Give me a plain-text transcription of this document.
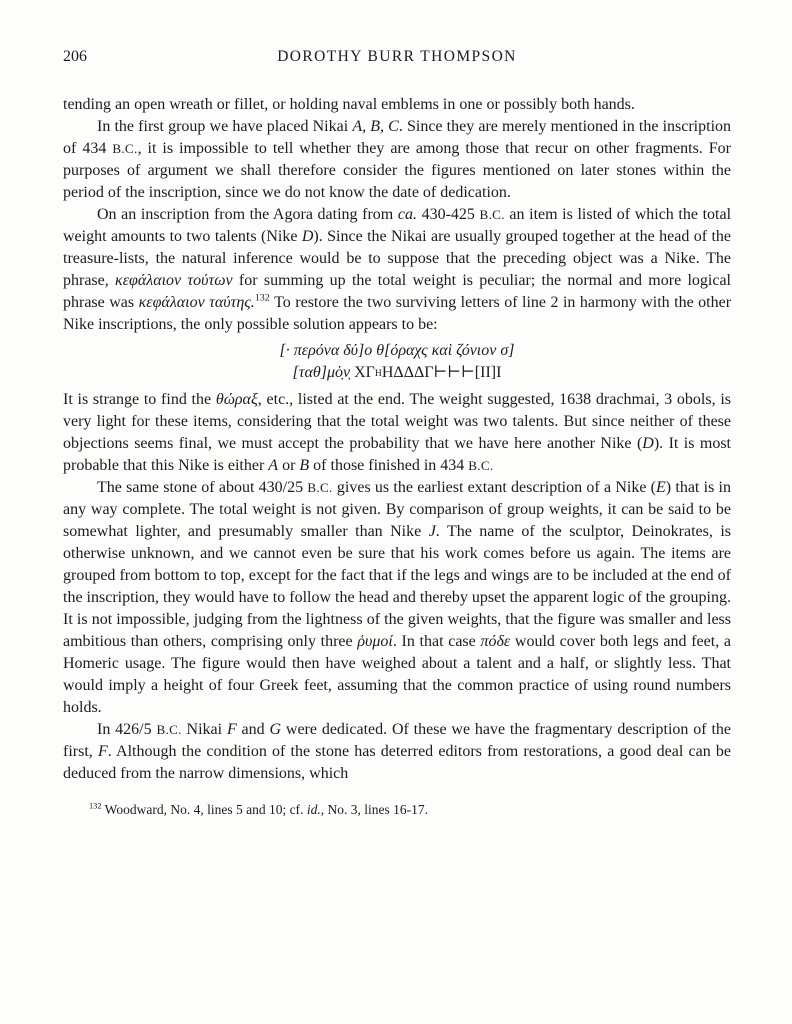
206	DOROTHY BURR THOMPSON

tending an open wreath or fillet, or holding naval emblems in one or possibly both hands.

In the first group we have placed Nikai A, B, C. Since they are merely mentioned in the inscription of 434 B.C., it is impossible to tell whether they are among those that recur on other fragments. For purposes of argument we shall therefore consider the figures mentioned on later stones within the period of the inscription, since we do not know the date of dedication.

On an inscription from the Agora dating from ca. 430-425 B.C. an item is listed of which the total weight amounts to two talents (Nike D). Since the Nikai are usually grouped together at the head of the treasure-lists, the natural inference would be to suppose that the preceding object was a Nike. The phrase, κεφάλαιον τούτων for summing up the total weight is peculiar; the normal and more logical phrase was κεφάλαιον ταύτης.$^{132}$ To restore the two surviving letters of line 2 in harmony with the other Nike inscriptions, the only possible solution appears to be:

[· περόνα δύ]ο θ[όραχς καὶ ζόνιον σ]
[ταθ]μὸ̣ν̣ ΧΓΗΗΔΔΔΓ⊢⊢⊢[ΙΙ]Ι

It is strange to find the θώραξ, etc., listed at the end. The weight suggested, 1638 drachmai, 3 obols, is very light for these items, considering that the total weight was two talents. But since neither of these objections seems final, we must accept the probability that we have here another Nike (D). It is most probable that this Nike is either A or B of those finished in 434 B.C.

The same stone of about 430/25 B.C. gives us the earliest extant description of a Nike (E) that is in any way complete. The total weight is not given. By comparison of group weights, it can be said to be somewhat lighter, and presumably smaller than Nike J. The name of the sculptor, Deinokrates, is otherwise unknown, and we cannot even be sure that his work comes before us again. The items are grouped from bottom to top, except for the fact that if the legs and wings are to be included at the end of the inscription, they would have to follow the head and thereby upset the apparent logic of the grouping. It is not impossible, judging from the lightness of the given weights, that the figure was smaller and less ambitious than others, comprising only three ῥυμοί. In that case πόδε would cover both legs and feet, a Homeric usage. The figure would then have weighed about a talent and a half, or slightly less. That would imply a height of four Greek feet, assuming that the common practice of using round numbers holds.

In 426/5 B.C. Nikai F and G were dedicated. Of these we have the fragmentary description of the first, F. Although the condition of the stone has deterred editors from restorations, a good deal can be deduced from the narrow dimensions, which

$^{132}$ Woodward, No. 4, lines 5 and 10; cf. id., No. 3, lines 16-17.
